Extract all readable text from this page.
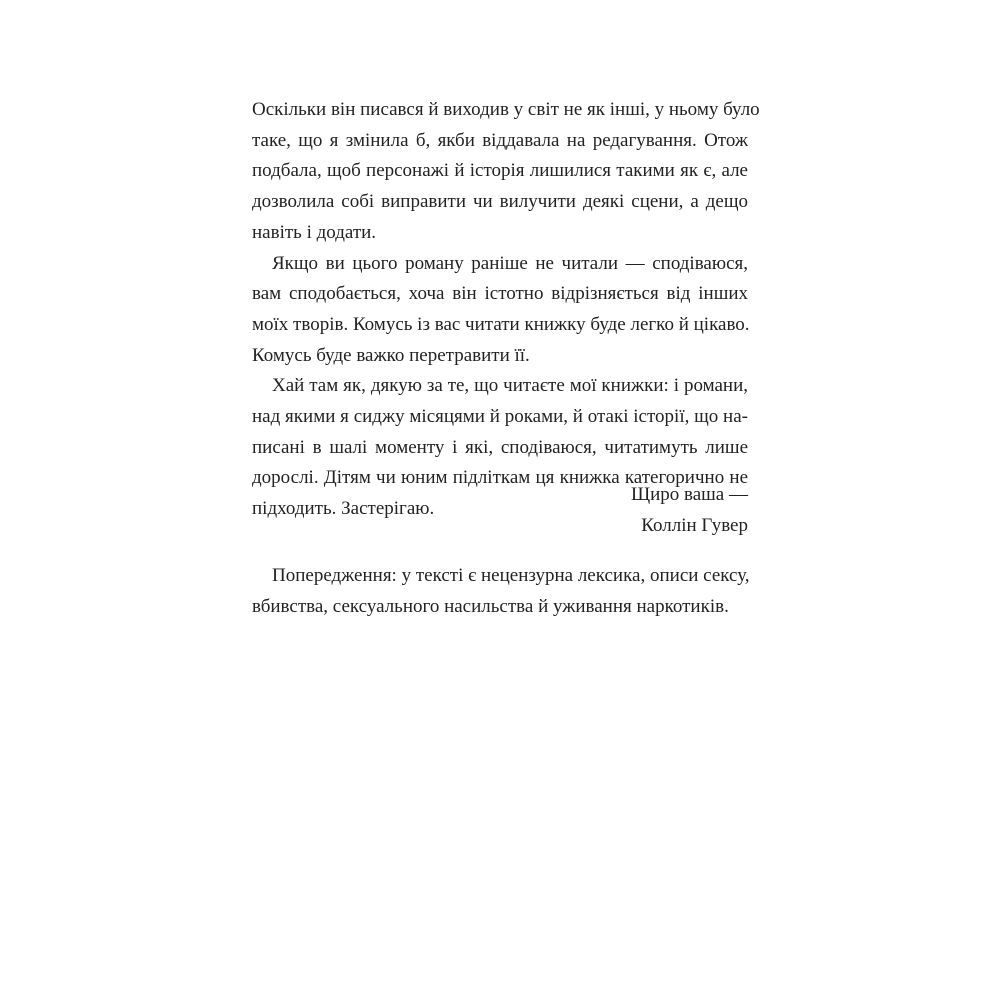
Оскільки він писався й виходив у світ не як інші, у ньому було
таке, що я змінила б, якби віддавала на редагування. Отож
подбала, щоб персонажі й історія лишилися такими як є, але
дозволила собі виправити чи вилучити деякі сцени, а дещо
навіть і додати.
Якщо ви цього роману раніше не читали — сподіваюся,
вам сподобається, хоча він істотно відрізняється від інших
моїх творів. Комусь із вас читати книжку буде легко й цікаво.
Комусь буде важко перетравити її.
Хай там як, дякую за те, що читаєте мої книжки: і романи,
над якими я сиджу місяцями й роками, й отакі історії, що на-
писані в шалі моменту і які, сподіваюся, читатимуть лише
дорослі. Дітям чи юним підліткам ця книжка категорично не
підходить. Застерігаю.
Щиро ваша —
Коллін Гувер
Попередження: у тексті є нецензурна лексика, описи сексу,
вбивства, сексуального насильства й уживання наркотиків.
